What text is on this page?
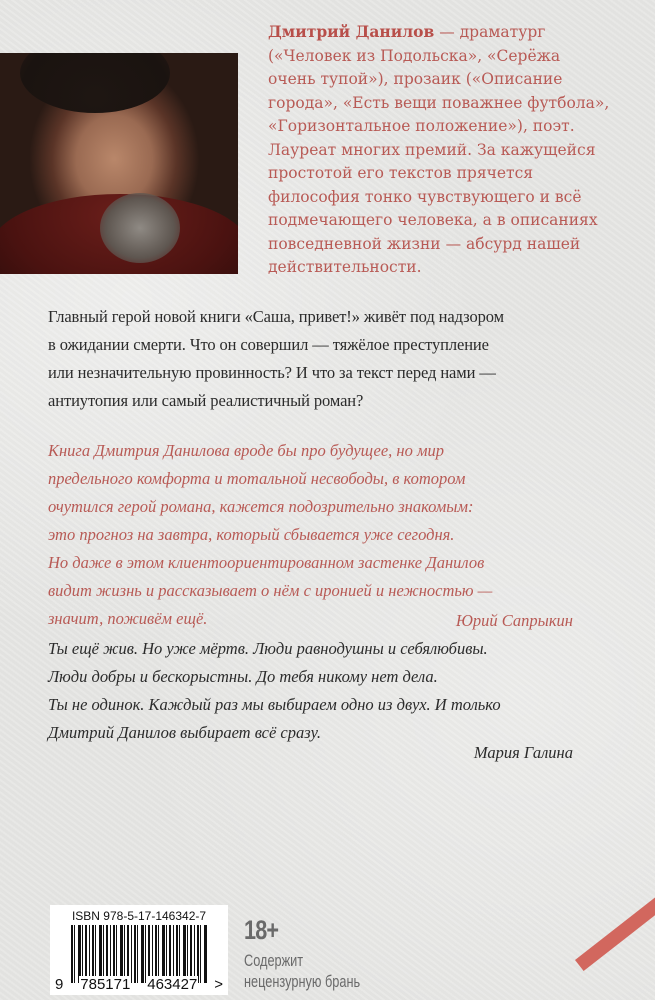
Дмитрий Данилов — драматург
(«Человек из Подольска», «Серёжа
очень тупой»), прозаик («Описание
города», «Есть вещи поважнее футбола»,
«Горизонтальное положение»), поэт.
Лауреат многих премий. За кажущейся
простотой его текстов прячется
философия тонко чувствующего и всё
подмечающего человека, а в описаниях
повседневной жизни — абсурд нашей
действительности.
Главный герой новой книги «Саша, привет!» живёт под надзором
в ожидании смерти. Что он совершил — тяжёлое преступление
или незначительную провинность? И что за текст перед нами —
антиутопия или самый реалистичный роман?
Книга Дмитрия Данилова вроде бы про будущее, но мир
предельного комфорта и тотальной несвободы, в котором
очутился герой романа, кажется подозрительно знакомым:
это прогноз на завтра, который сбывается уже сегодня.
Но даже в этом клиентоориентированном застенке Данилов
видит жизнь и рассказывает о нём с иронией и нежностью —
значит, поживём ещё.	Юрий Сапрыкин
Ты ещё жив. Но уже мёртв. Люди равнодушны и себялюбивы.
Люди добры и бескорыстны. До тебя никому нет дела.
Ты не одинок. Каждый раз мы выбираем одно из двух. И только
Дмитрий Данилов выбирает всё сразу.
Мария Галина
ISBN 978-5-17-146342-7
9 785171 463427 >
18+
Содержит
нецензурную брань
